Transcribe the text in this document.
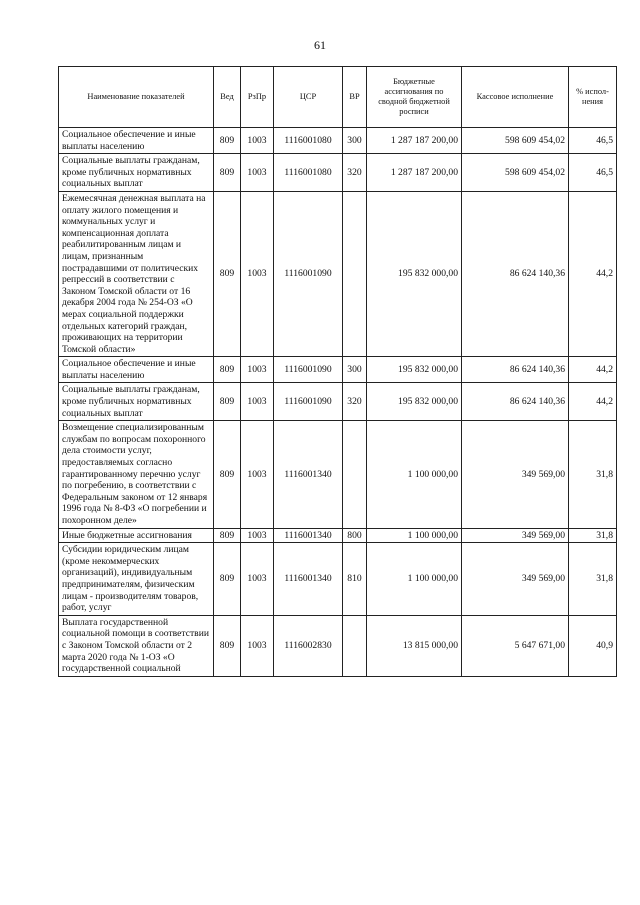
61
Наименование показателей	Вед	РзПр	ЦСР	ВР	Бюджетные ассигнования по сводной бюджетной росписи	Кассовое исполнение	% испол-нения
Социальное обеспечение и иные выплаты населению	809	1003	1116001080	300	1 287 187 200,00	598 609 454,02	46,5
Социальные выплаты гражданам, кроме публичных нормативных социальных выплат	809	1003	1116001080	320	1 287 187 200,00	598 609 454,02	46,5
Ежемесячная денежная выплата на оплату жилого помещения и коммунальных услуг и компенсационная доплата реабилитированным лицам и лицам, признанным пострадавшими от политических репрессий в соответствии с Законом Томской области от 16 декабря 2004 года № 254-ОЗ «О мерах социальной поддержки отдельных категорий граждан, проживающих на территории Томской области»	809	1003	1116001090		195 832 000,00	86 624 140,36	44,2
Социальное обеспечение и иные выплаты населению	809	1003	1116001090	300	195 832 000,00	86 624 140,36	44,2
Социальные выплаты гражданам, кроме публичных нормативных социальных выплат	809	1003	1116001090	320	195 832 000,00	86 624 140,36	44,2
Возмещение специализированным службам по вопросам похоронного дела стоимости услуг, предоставляемых согласно гарантированному перечню услуг по погребению, в соответствии с Федеральным законом от 12 января 1996 года № 8-ФЗ «О погребении и похоронном деле»	809	1003	1116001340		1 100 000,00	349 569,00	31,8
Иные бюджетные ассигнования	809	1003	1116001340	800	1 100 000,00	349 569,00	31,8
Субсидии юридическим лицам (кроме некоммерческих организаций), индивидуальным предпринимателям, физическим лицам - производителям товаров, работ, услуг	809	1003	1116001340	810	1 100 000,00	349 569,00	31,8
Выплата государственной социальной помощи в соответствии с Законом Томской области от 2 марта 2020 года № 1-ОЗ «О государственной социальной	809	1003	1116002830		13 815 000,00	5 647 671,00	40,9
